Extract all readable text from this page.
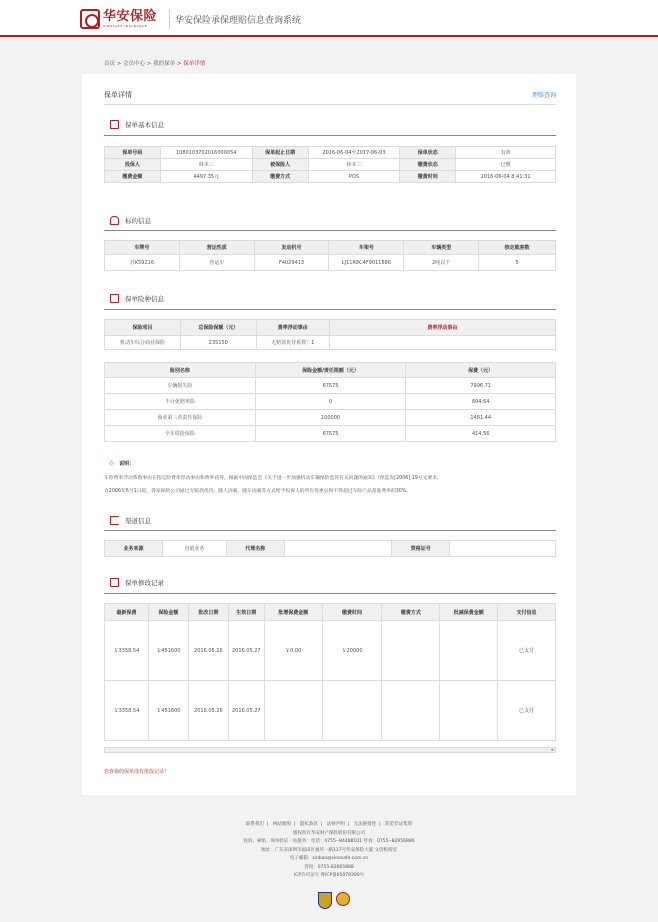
华安保险
SINOSAFE INSURANCE	华安保险承保理赔信息查询系统
首页 > 会员中心 > 我的保单 > 保单详情
保单详情	理赔查询
保单基本信息
保单号码	1080103702016000054	保单起止日期	2016-06-04至2017-06-03	保单状态	有效
投保人	林本三	被保险人	林本三	缴费状态	已缴
缴费金额	4497.35元	缴费方式	POS	缴费时间	2016-06-04 8:41:31
标的信息
车牌号	营运性质	发动机号	车架号	车辆类型	核定载客数
苏K59216	营运车	F4029413	LJ11R8C4F9011886	2吨以下	5
保单险种信息
保险项目	总保险保额（元）	费率浮动事由	费率浮动事由
机动车综合商业保险	235150	无赔款优待系数：1	
险别名称	保险金额/责任限额（元）	保费（元）
车辆损失险	67575	7996.71
不计免赔率险	0	604.64
商业第三者责任保险	100000	1481.44
全车盗抢保险	67575	414.56
☼ 说明：
车险费率浮动系数事由在指定险费率浮动事由和费率获得。根据中国保监会《关于进一步加强机动车辆保险监管有关问题的通知》（保监发[2006] 19号文要求，
自2006年6月1日起，各家保险公司通过无赔款优待、随人因素、随车因素等方式给予投保人的所有优惠总和不得超过车险产品基准费率的30%。
渠道信息
业务来源	直销业务	代理名称		资格证号	
保单修改记录
最新保费	保险金额	批改日期	生效日期	批增保费金额	缴费时间	缴费方式	批减保费金额	支付信息
￥3358.54	￥451600	2016.05.26	2016.05.27	￥0.00	￥20000			已支付
￥3358.54	￥451600	2016.05.26	2016.05.27					已支付
▸
您查询的保单没有批改记录！
联系我们 | 网站地图 | 隐私条款 | 法律声明 | 无法链接性 | 防范非法集资
版权所有华安财产保险股份有限公司
投诉、索赔、保单验证一站服务：电话：0755--84488101 传真：0755--82956886
地址：广东省深圳市福田区福华一路117号华安保险大厦 文创机构室
电子邮箱：sinbao@sinosafe.com.cn
咨询：0755-82665888
ICP许可证号 粤ICP备05079300号
